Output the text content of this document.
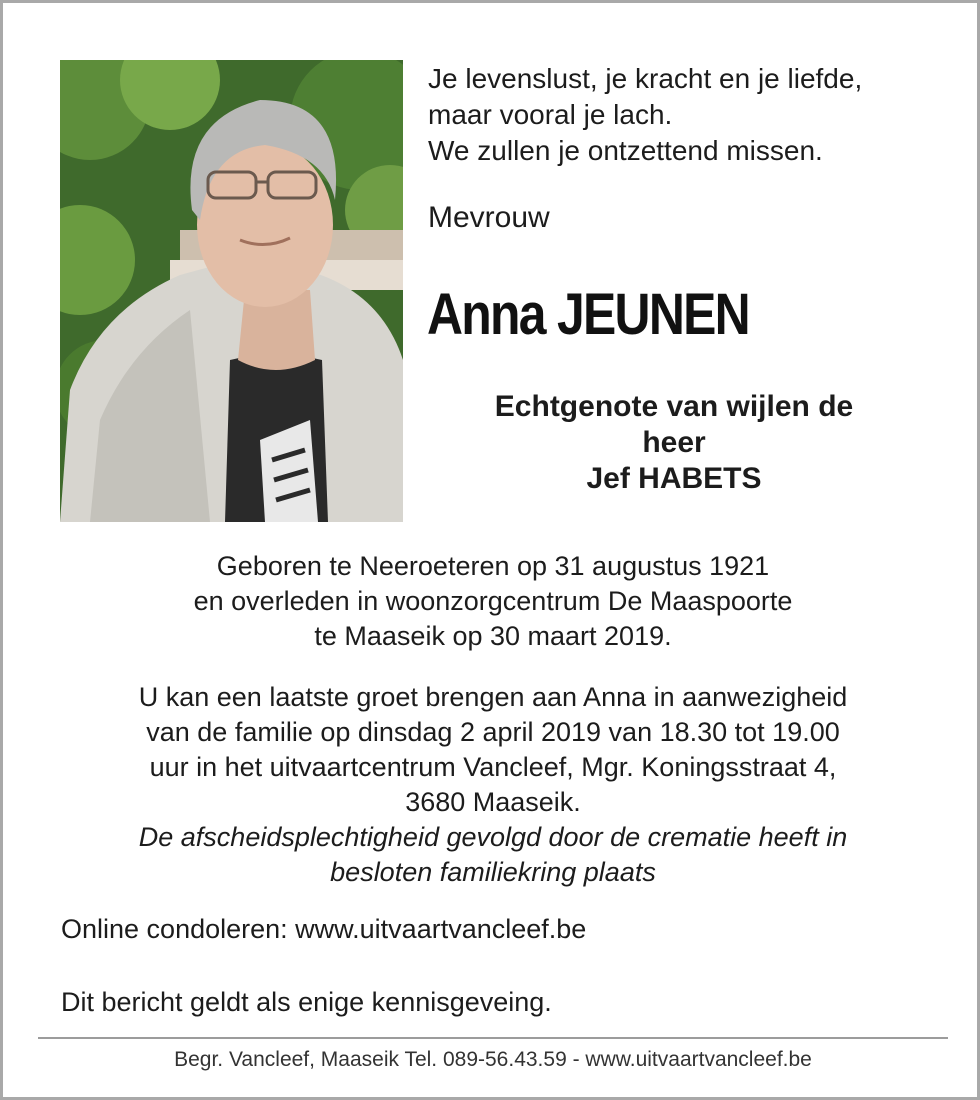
Je levenslust, je kracht en je liefde,
maar vooral je lach.
We zullen je ontzettend missen.
Mevrouw
Anna JEUNEN
Echtgenote van wijlen de
heer
Jef HABETS
Geboren te Neeroeteren op 31 augustus 1921
en overleden in woonzorgcentrum De Maaspoorte
te Maaseik op 30 maart 2019.
U kan een laatste groet brengen aan Anna in aanwezigheid
van de familie op dinsdag 2 april 2019 van 18.30 tot 19.00
uur in het uitvaartcentrum Vancleef, Mgr. Koningsstraat 4,
3680 Maaseik.
De afscheidsplechtigheid gevolgd door de crematie heeft in
besloten familiekring plaats
Online condoleren: www.uitvaartvancleef.be
Dit bericht geldt als enige kennisgeveing.
Begr. Vancleef, Maaseik Tel. 089-56.43.59 - www.uitvaartvancleef.be
